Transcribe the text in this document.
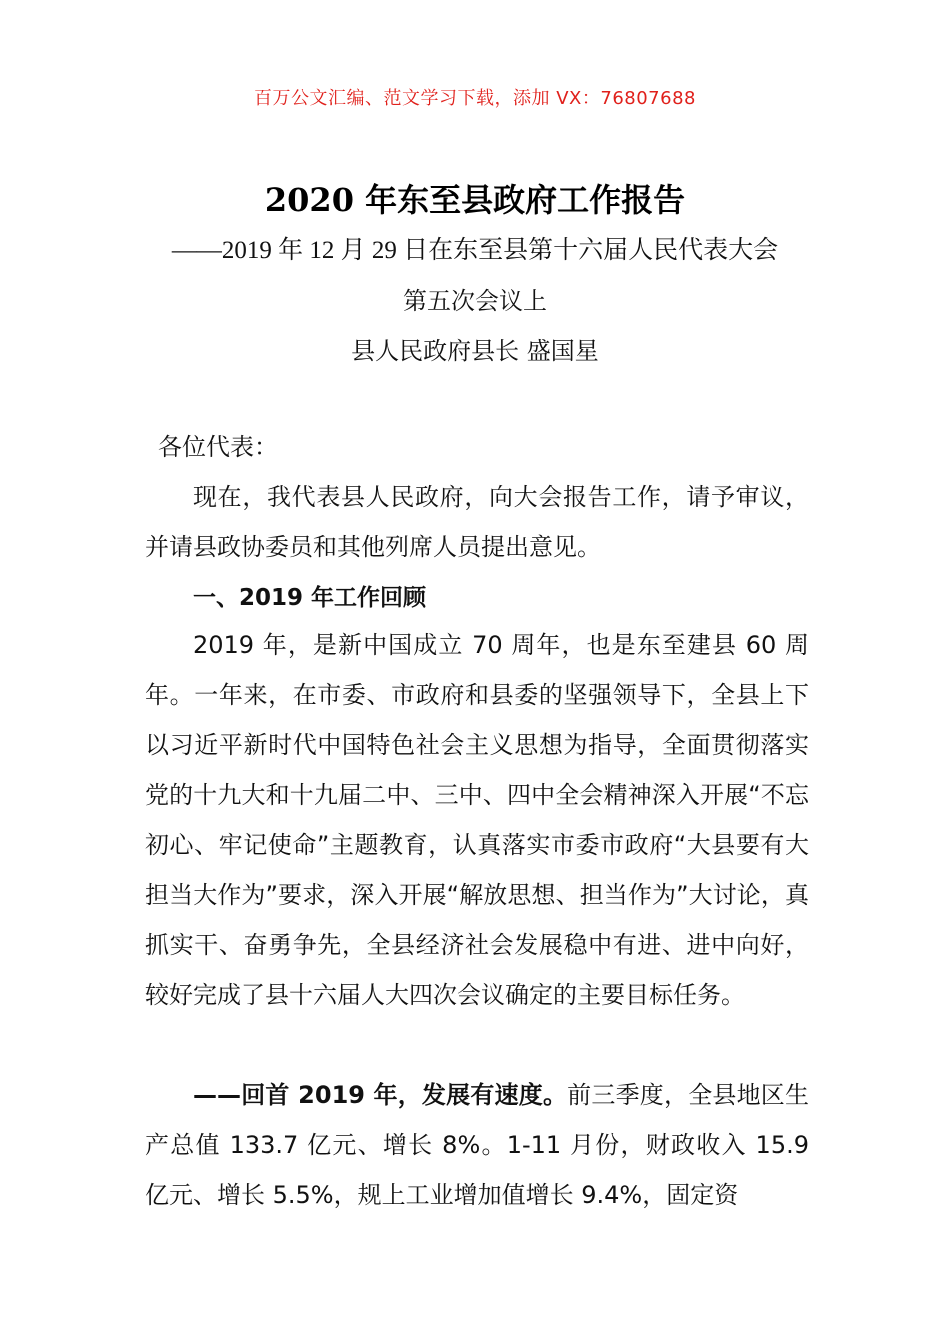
百万公文汇编、范文学习下载，添加 VX：76807688
2020 年东至县政府工作报告
——2019 年 12 月 29 日在东至县第十六届人民代表大会
第五次会议上
县人民政府县长 盛国星
各位代表：

现在，我代表县人民政府，向大会报告工作，请予审议，并请县政协委员和其他列席人员提出意见。

一、2019 年工作回顾

2019 年，是新中国成立 70 周年，也是东至建县 60 周年。一年来，在市委、市政府和县委的坚强领导下，全县上下以习近平新时代中国特色社会主义思想为指导，全面贯彻落实党的十九大和十九届二中、三中、四中全会精神深入开展“不忘初心、牢记使命”主题教育，认真落实市委市政府“大县要有大担当大作为”要求，深入开展“解放思想、担当作为”大讨论，真抓实干、奋勇争先，全县经济社会发展稳中有进、进中向好，较好完成了县十六届人大四次会议确定的主要目标任务。

——回首 2019 年，发展有速度。前三季度，全县地区生产总值 133.7 亿元、增长 8%。1-11 月份，财政收入 15.9 亿元、增长 5.5%，规上工业增加值增长 9.4%，固定资
